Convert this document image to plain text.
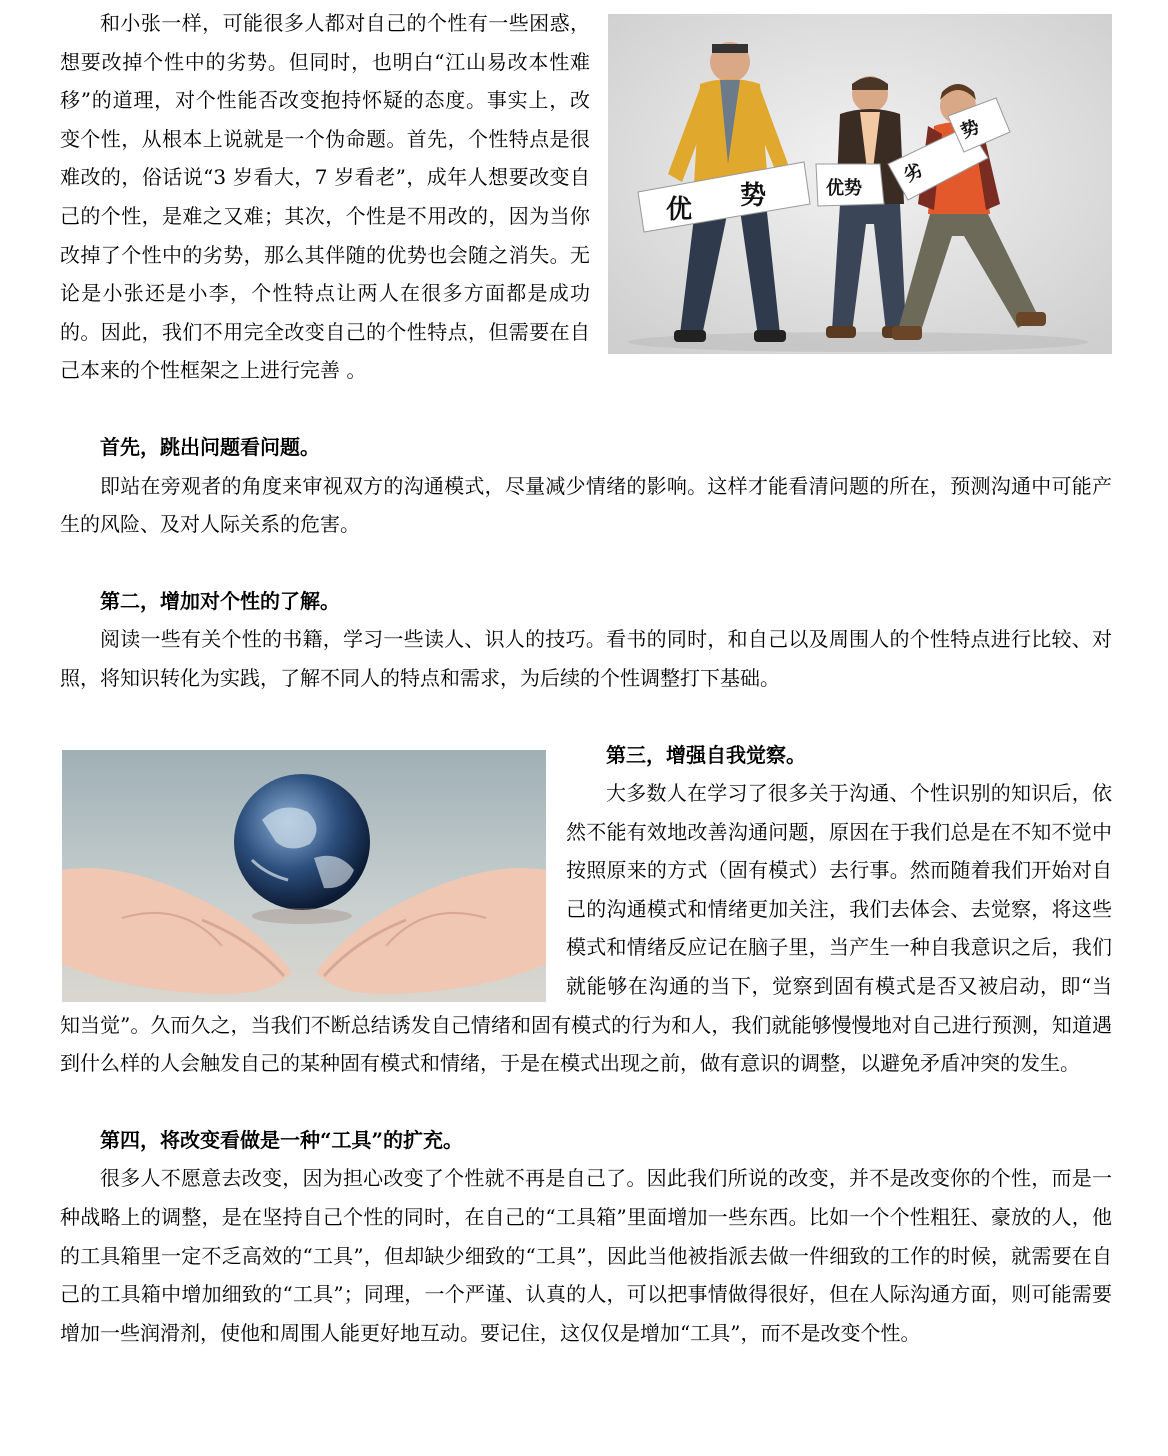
优 势	优势
劣
势

和小张一样，可能很多人都对自己的个性有一些困惑，想要改掉个性中的劣势。但同时，也明白“江山易改本性难移”的道理，对个性能否改变抱持怀疑的态度。事实上，改变个性，从根本上说就是一个伪命题。首先，个性特点是很难改的，俗话说“3 岁看大，7 岁看老”，成年人想要改变自己的个性，是难之又难；其次，个性是不用改的，因为当你改掉了个性中的劣势，那么其伴随的优势也会随之消失。无论是小张还是小李，个性特点让两人在很多方面都是成功的。因此，我们不用完全改变自己的个性特点，但需要在自己本来的个性框架之上进行完善 。

首先，跳出问题看问题。

即站在旁观者的角度来审视双方的沟通模式，尽量减少情绪的影响。这样才能看清问题的所在，预测沟通中可能产生的风险、及对人际关系的危害。

第二，增加对个性的了解。

阅读一些有关个性的书籍，学习一些读人、识人的技巧。看书的同时，和自己以及周围人的个性特点进行比较、对照，将知识转化为实践，了解不同人的特点和需求，为后续的个性调整打下基础。

第三，增强自我觉察。

大多数人在学习了很多关于沟通、个性识别的知识后，依然不能有效地改善沟通问题，原因在于我们总是在不知不觉中按照原来的方式（固有模式）去行事。然而随着我们开始对自己的沟通模式和情绪更加关注，我们去体会、去觉察，将这些模式和情绪反应记在脑子里，当产生一种自我意识之后，我们就能够在沟通的当下，觉察到固有模式是否又被启动，即“当知当觉”。久而久之，当我们不断总结诱发自己情绪和固有模式的行为和人，我们就能够慢慢地对自己进行预测，知道遇到什么样的人会触发自己的某种固有模式和情绪，于是在模式出现之前，做有意识的调整，以避免矛盾冲突的发生。

第四，将改变看做是一种“工具”的扩充。

很多人不愿意去改变，因为担心改变了个性就不再是自己了。因此我们所说的改变，并不是改变你的个性，而是一种战略上的调整，是在坚持自己个性的同时，在自己的“工具箱”里面增加一些东西。比如一个个性粗狂、豪放的人，他的工具箱里一定不乏高效的“工具”，但却缺少细致的“工具”，因此当他被指派去做一件细致的工作的时候，就需要在自己的工具箱中增加细致的“工具”；同理，一个严谨、认真的人，可以把事情做得很好，但在人际沟通方面，则可能需要增加一些润滑剂，使他和周围人能更好地互动。要记住，这仅仅是增加“工具”，而不是改变个性。
